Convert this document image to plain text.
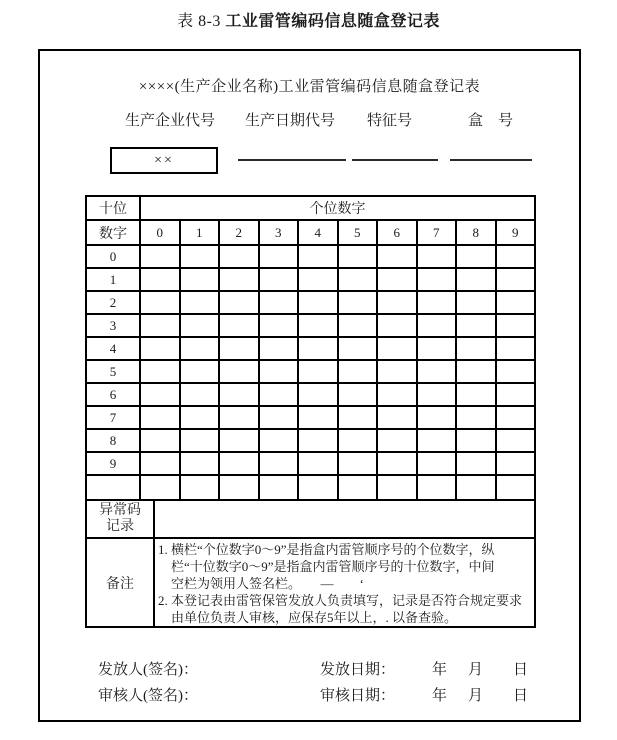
表 8-3 工业雷管编码信息随盒登记表
××××(生产企业名称)工业雷管编码信息随盒登记表
生产企业代号 生产日期代号 特征号	盒　号
××
十位	个位数字									
数字	0	1	2	3	4	5	6	7	8	9
0										
1										
2										
3										
4										
5										
6										
7										
8										
9										

异常码
记录
备注
1. 横栏“个位数字0～9”是指盒内雷管顺序号的个位数字，纵
栏“十位数字0～9”是指盒内雷管顺序号的十位数字，中间
空栏为领用人签名栏。　　—　　‘
2. 本登记表由雷管保管发放人负责填写，记录是否符合规定要求
由单位负责人审核，应保存5年以上，. 以备查验。
发放人(签名)：	发放日期： 年 月 日
审核人(签名)：	审核日期： 年 月 日
